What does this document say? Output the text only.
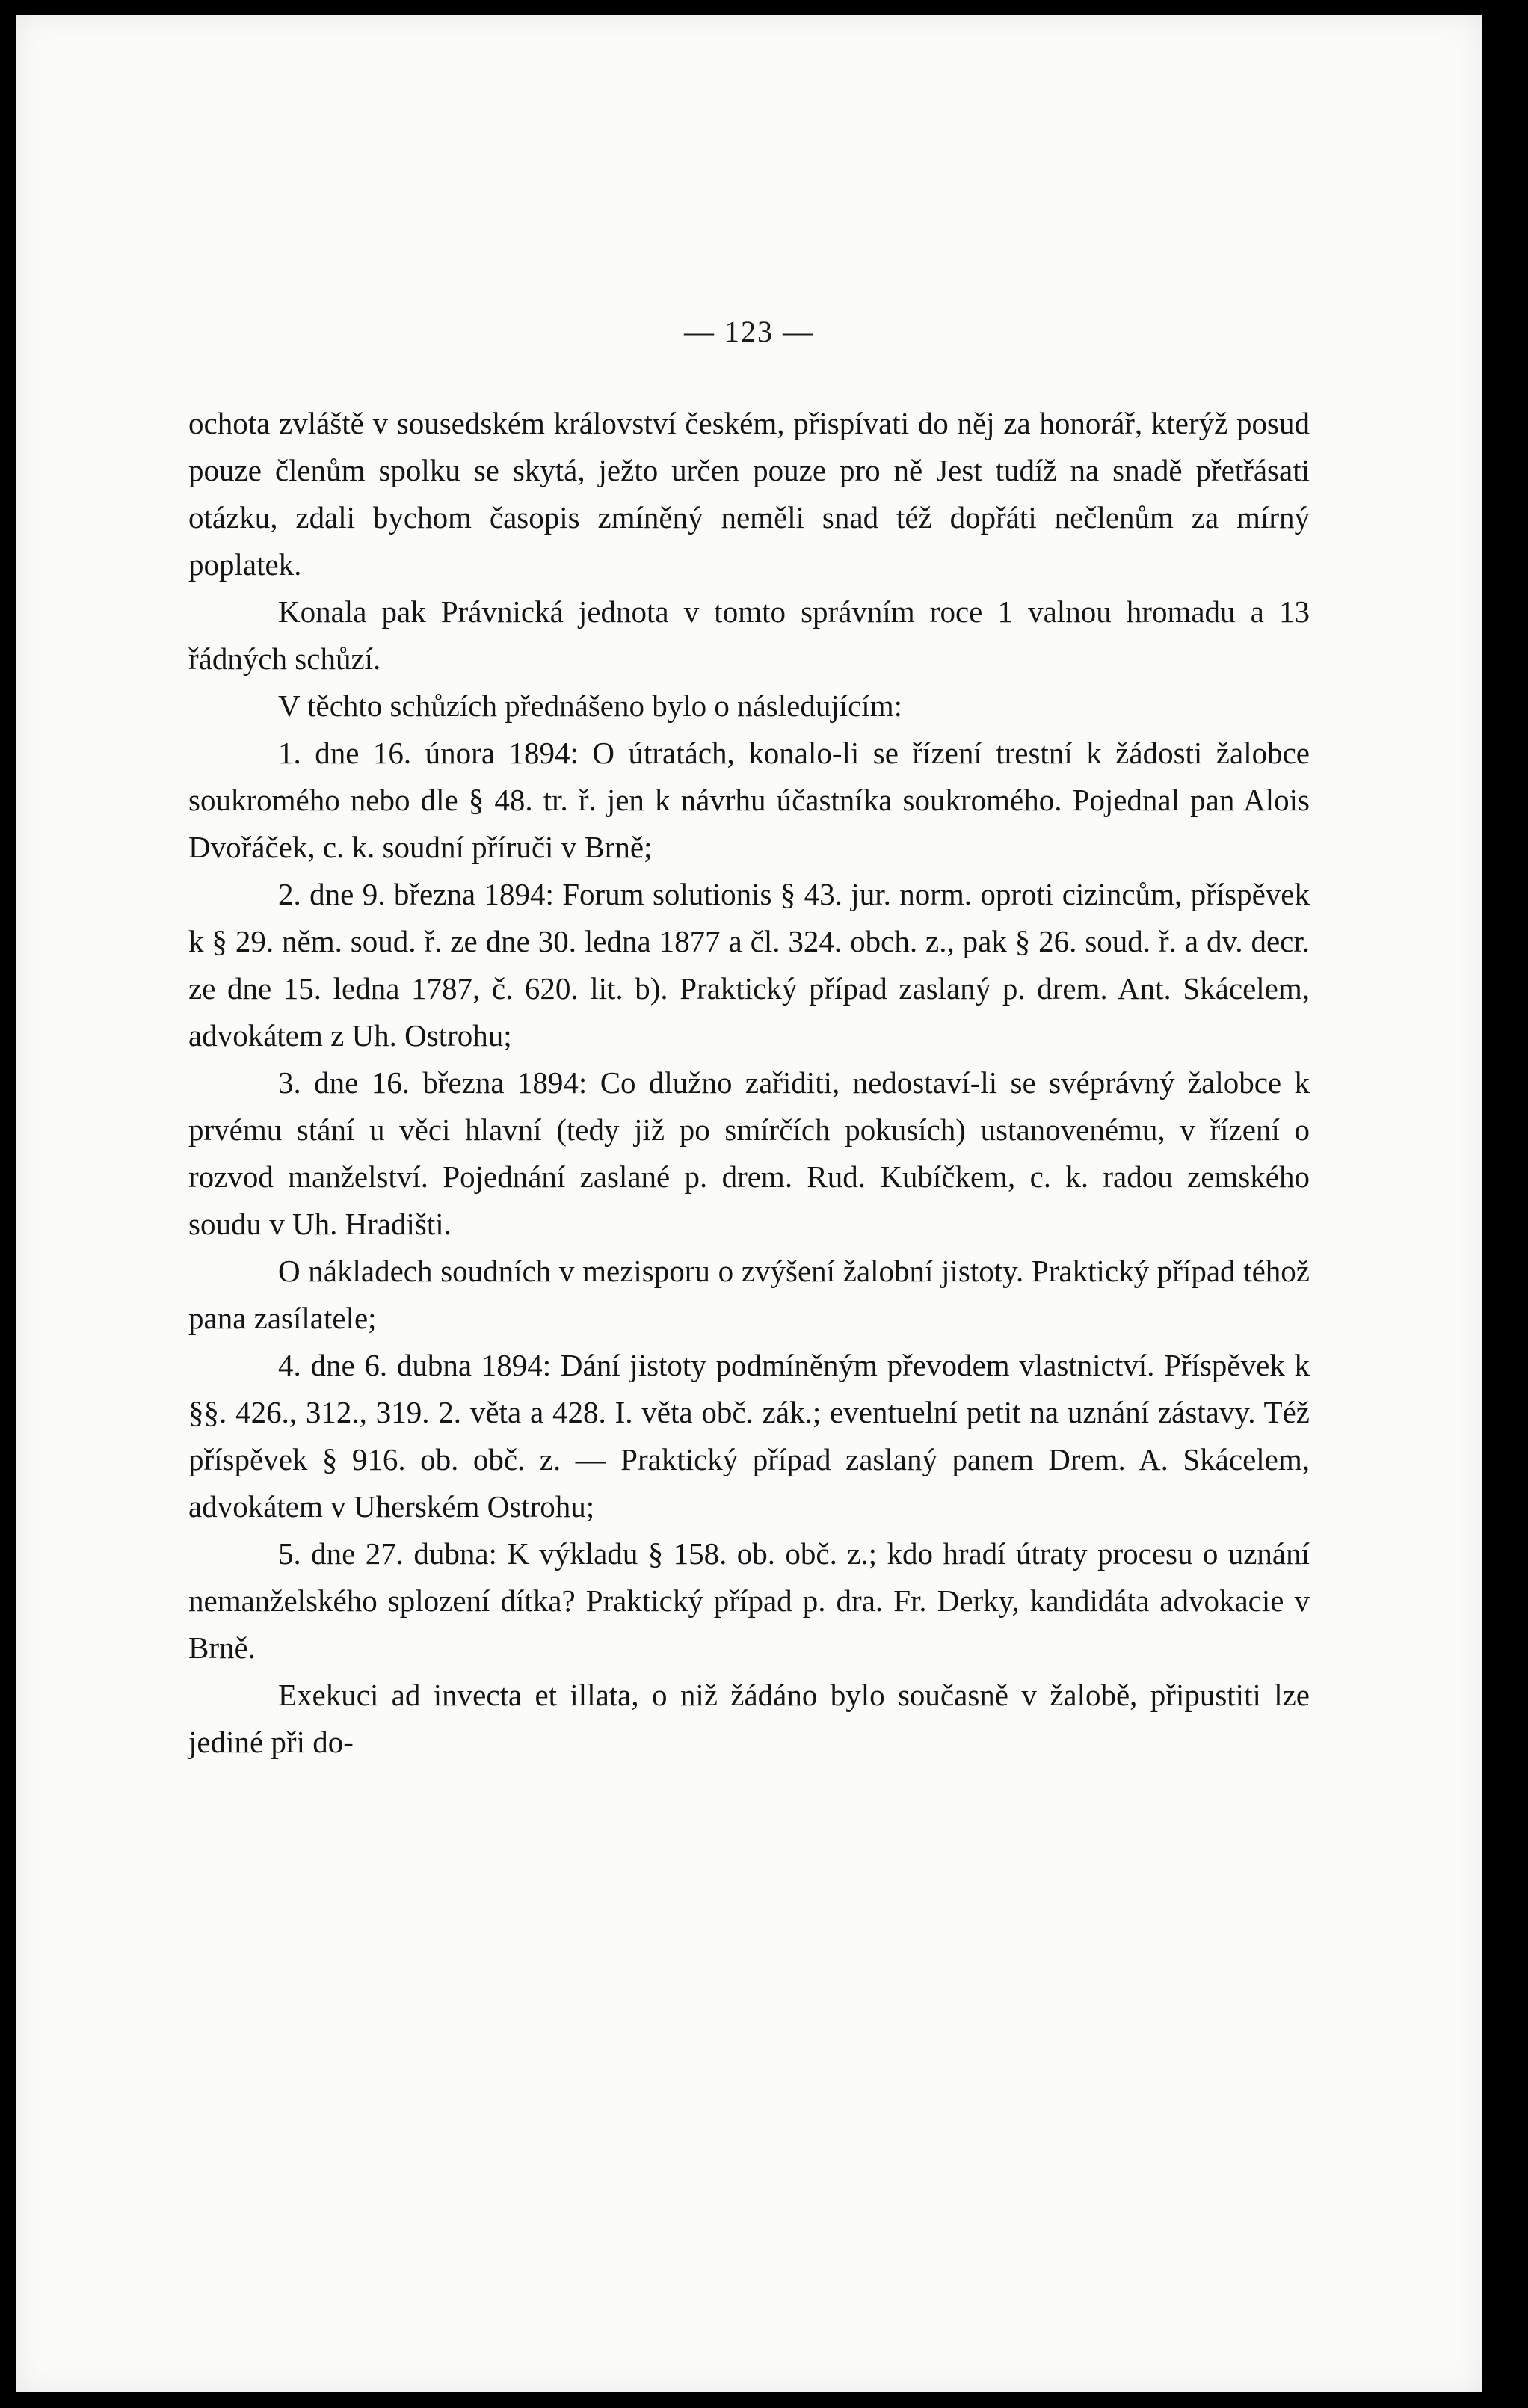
— 123 —

ochota zvláště v sousedském království českém, přispívati do něj za honorář, kterýž posud pouze členům spolku se skytá, ježto určen pouze pro ně Jest tudíž na snadě přetřásati otázku, zdali bychom časopis zmíněný neměli snad též dopřáti nečlenům za mírný poplatek.

Konala pak Právnická jednota v tomto správním roce 1 valnou hromadu a 13 řádných schůzí.

V těchto schůzích přednášeno bylo o následujícím:

1. dne 16. února 1894: O útratách, konalo-li se řízení trestní k žádosti žalobce soukromého nebo dle § 48. tr. ř. jen k návrhu účastníka soukromého. Pojednal pan Alois Dvořáček, c. k. soudní příruči v Brně;

2. dne 9. března 1894: Forum solutionis § 43. jur. norm. oproti cizincům, příspěvek k § 29. něm. soud. ř. ze dne 30. ledna 1877 a čl. 324. obch. z., pak § 26. soud. ř. a dv. decr. ze dne 15. ledna 1787, č. 620. lit. b). Praktický případ zaslaný p. drem. Ant. Skácelem, advokátem z Uh. Ostrohu;

3. dne 16. března 1894: Co dlužno zařiditi, nedostaví-li se svéprávný žalobce k prvému stání u věci hlavní (tedy již po smírčích pokusích) ustanovenému, v řízení o rozvod manželství. Pojednání zaslané p. drem. Rud. Kubíčkem, c. k. radou zemského soudu v Uh. Hradišti.

O nákladech soudních v mezisporu o zvýšení žalobní jistoty. Praktický případ téhož pana zasílatele;

4. dne 6. dubna 1894: Dání jistoty podmíněným převodem vlastnictví. Příspěvek k §§. 426., 312., 319. 2. věta a 428. I. věta obč. zák.; eventuelní petit na uznání zástavy. Též příspěvek § 916. ob. obč. z. — Praktický případ zaslaný panem Drem. A. Skácelem, advokátem v Uherském Ostrohu;

5. dne 27. dubna: K výkladu § 158. ob. obč. z.; kdo hradí útraty procesu o uznání nemanželského splození dítka? Praktický případ p. dra. Fr. Derky, kandidáta advokacie v Brně.

Exekuci ad invecta et illata, o niž žádáno bylo současně v žalobě, připustiti lze jediné při do-
